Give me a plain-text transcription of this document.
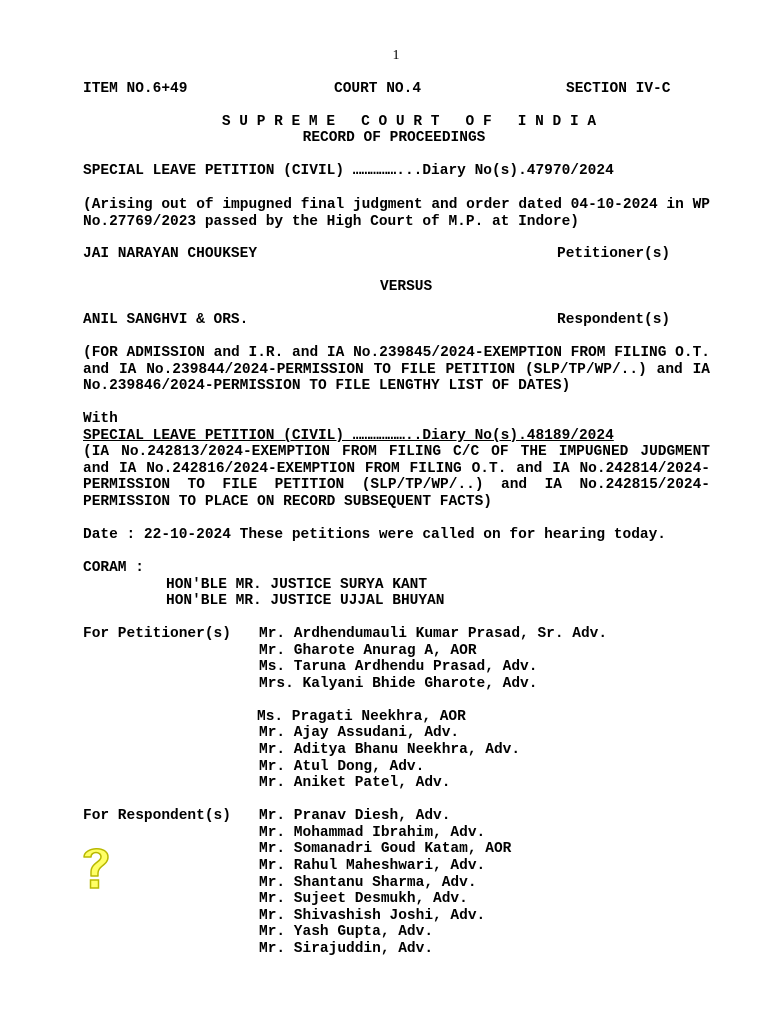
1
ITEM NO.6+49	COURT NO.4	SECTION IV-C
S U P R E M E   C O U R T   O F   I N D I A
RECORD OF PROCEEDINGS
SPECIAL LEAVE PETITION (CIVIL) ……………...Diary No(s).47970/2024
(Arising out of impugned final judgment and order dated 04-10-2024 in WP No.27769/2023 passed by the High Court of M.P. at Indore)
JAI NARAYAN CHOUKSEY	Petitioner(s)
VERSUS
ANIL SANGHVI & ORS.	Respondent(s)
(FOR ADMISSION and I.R. and IA No.239845/2024-EXEMPTION FROM FILING O.T. and IA No.239844/2024-PERMISSION TO FILE PETITION (SLP/TP/WP/..) and IA No.239846/2024-PERMISSION TO FILE LENGTHY LIST OF DATES)
With
SPECIAL LEAVE PETITION (CIVIL) ………………..Diary No(s).48189/2024
(IA No.242813/2024-EXEMPTION FROM FILING C/C OF THE IMPUGNED JUDGMENT and IA No.242816/2024-EXEMPTION FROM FILING O.T. and IA No.242814/2024-PERMISSION TO FILE PETITION (SLP/TP/WP/..) and IA No.242815/2024-PERMISSION TO PLACE ON RECORD SUBSEQUENT FACTS)
Date : 22-10-2024 These petitions were called on for hearing today.
CORAM :
HON'BLE MR. JUSTICE SURYA KANT
HON'BLE MR. JUSTICE UJJAL BHUYAN
For Petitioner(s) Mr. Ardhendumauli Kumar Prasad, Sr. Adv.
Mr. Gharote Anurag A, AOR
Ms. Taruna Ardhendu Prasad, Adv.
Mrs. Kalyani Bhide Gharote, Adv.
Ms. Pragati Neekhra, AOR
Mr. Ajay Assudani, Adv.
Mr. Aditya Bhanu Neekhra, Adv.
Mr. Atul Dong, Adv.
Mr. Aniket Patel, Adv.
For Respondent(s) Mr. Pranav Diesh, Adv.
Mr. Mohammad Ibrahim, Adv.
Mr. Somanadri Goud Katam, AOR
Mr. Rahul Maheshwari, Adv.
Mr. Shantanu Sharma, Adv.
Mr. Sujeet Desmukh, Adv.
Mr. Shivashish Joshi, Adv.
Mr. Yash Gupta, Adv.
Mr. Sirajuddin, Adv.
